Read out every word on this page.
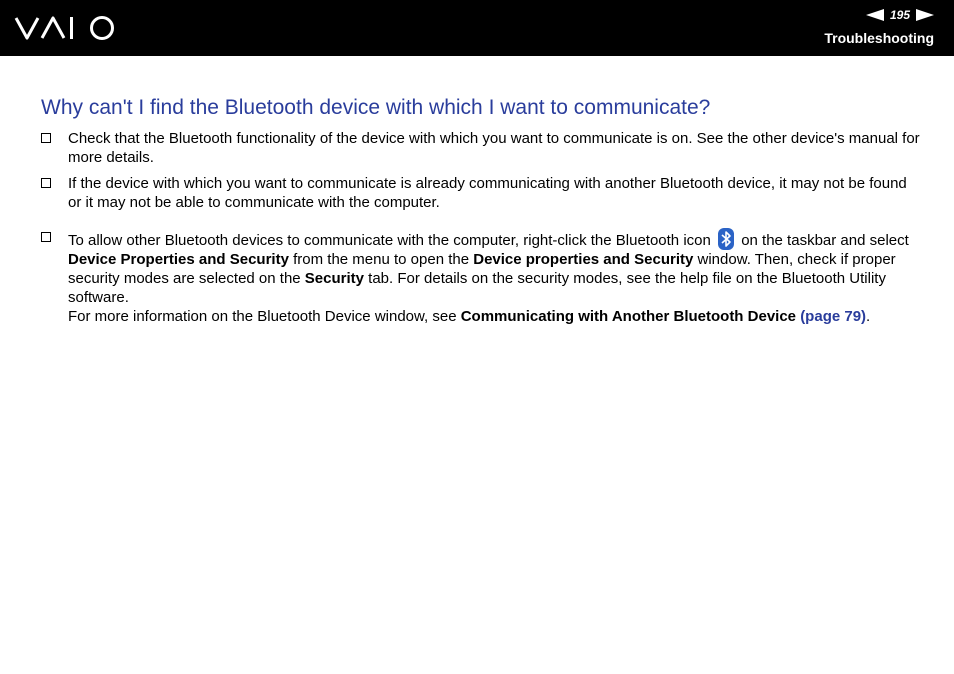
195
Troubleshooting
Why can't I find the Bluetooth device with which I want to communicate?
Check that the Bluetooth functionality of the device with which you want to communicate is on. See the other device's manual for more details.
If the device with which you want to communicate is already communicating with another Bluetooth device, it may not be found or it may not be able to communicate with the computer.
To allow other Bluetooth devices to communicate with the computer, right-click the Bluetooth icon on the taskbar and select Device Properties and Security from the menu to open the Device properties and Security window. Then, check if proper security modes are selected on the Security tab. For details on the security modes, see the help file on the Bluetooth Utility software.
For more information on the Bluetooth Device window, see Communicating with Another Bluetooth Device (page 79).
